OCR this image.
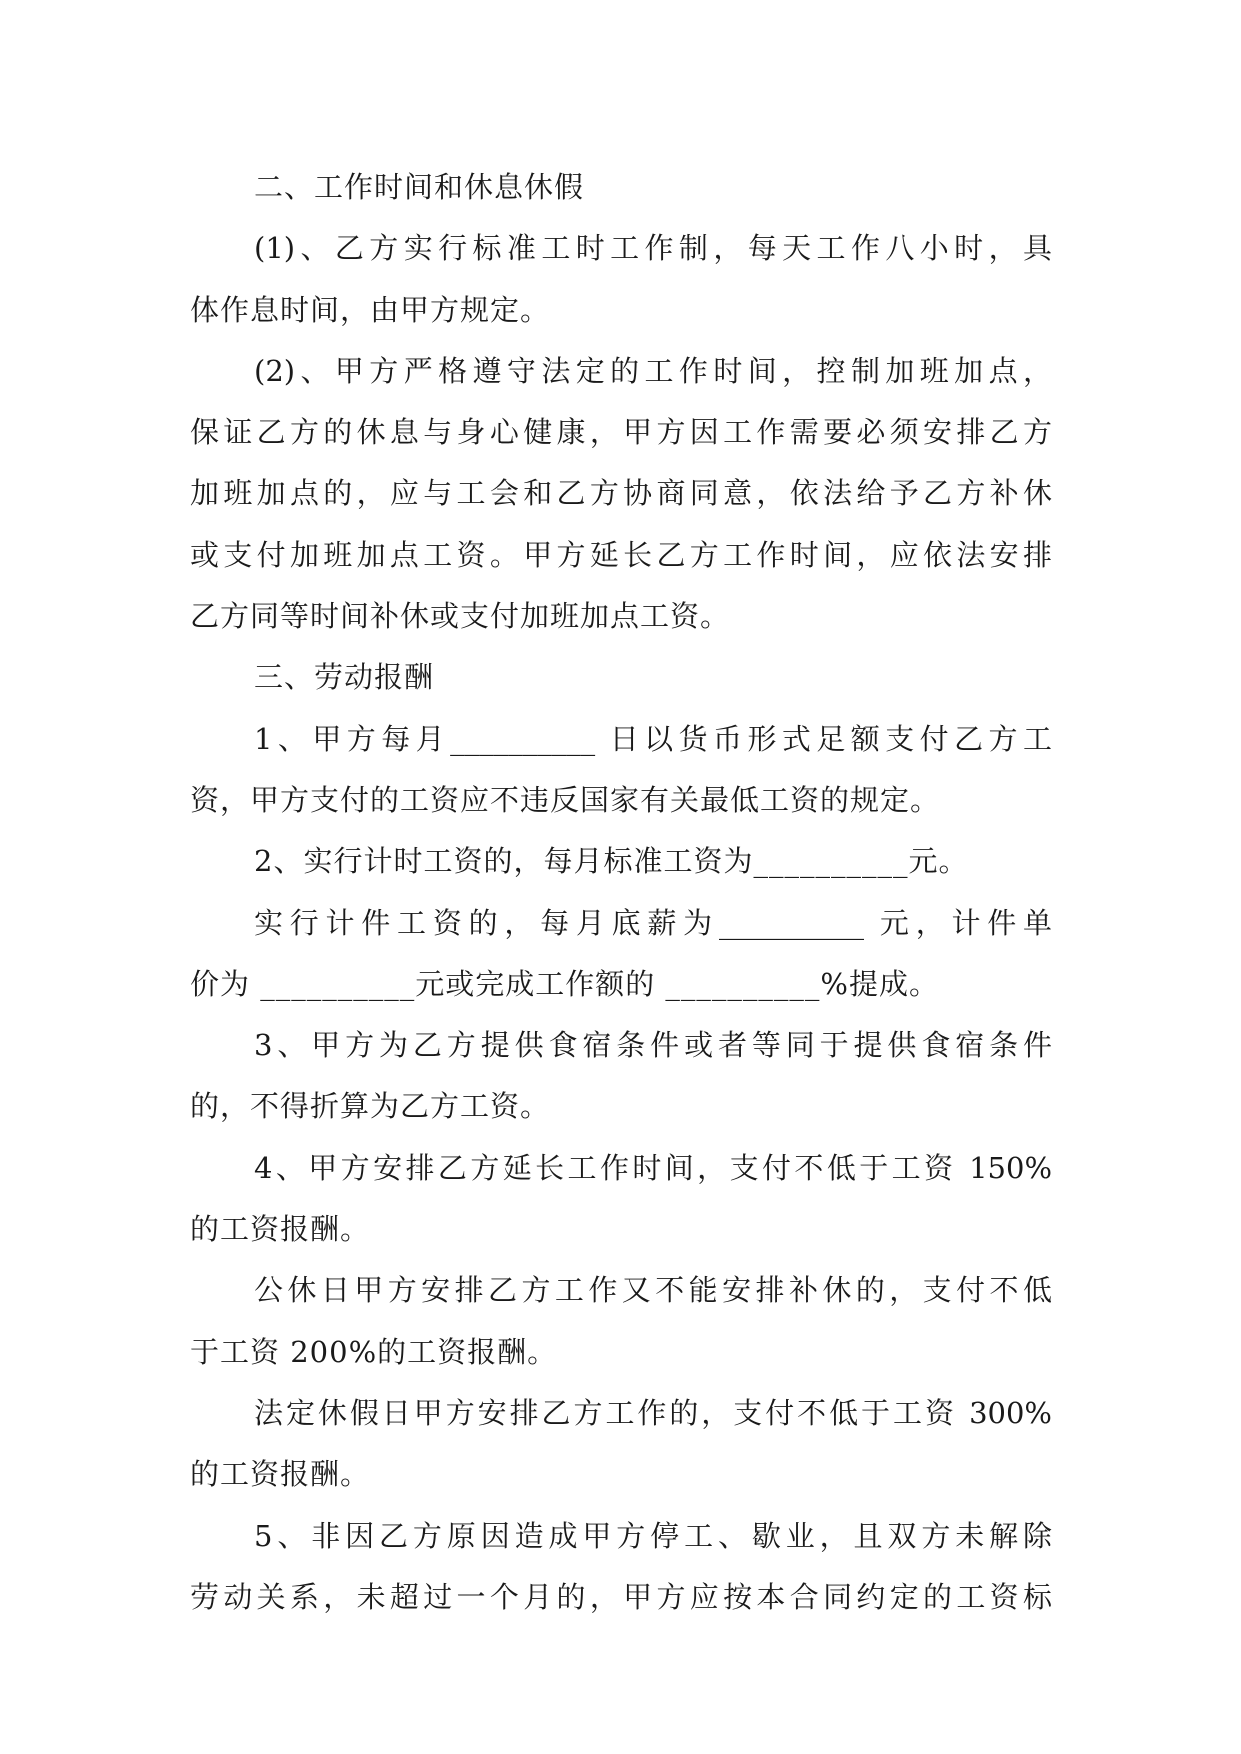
二、工作时间和休息休假
(1)、乙方实行标准工时工作制，每天工作八小时，具
体作息时间，由甲方规定。
(2)、甲方严格遵守法定的工作时间，控制加班加点，
保证乙方的休息与身心健康，甲方因工作需要必须安排乙方
加班加点的，应与工会和乙方协商同意，依法给予乙方补休
或支付加班加点工资。甲方延长乙方工作时间，应依法安排
乙方同等时间补休或支付加班加点工资。
三、劳动报酬
1、甲方每月__________ 日以货币形式足额支付乙方工
资，甲方支付的工资应不违反国家有关最低工资的规定。
2、实行计时工资的，每月标准工资为__________元。
实行计件工资的，每月底薪为__________ 元，计件单
价为 __________元或完成工作额的 __________%提成。
3、甲方为乙方提供食宿条件或者等同于提供食宿条件
的，不得折算为乙方工资。
4、甲方安排乙方延长工作时间，支付不低于工资 150%
的工资报酬。
公休日甲方安排乙方工作又不能安排补休的，支付不低
于工资 200%的工资报酬。
法定休假日甲方安排乙方工作的，支付不低于工资 300%
的工资报酬。
5、非因乙方原因造成甲方停工、歇业，且双方未解除
劳动关系，未超过一个月的，甲方应按本合同约定的工资标
